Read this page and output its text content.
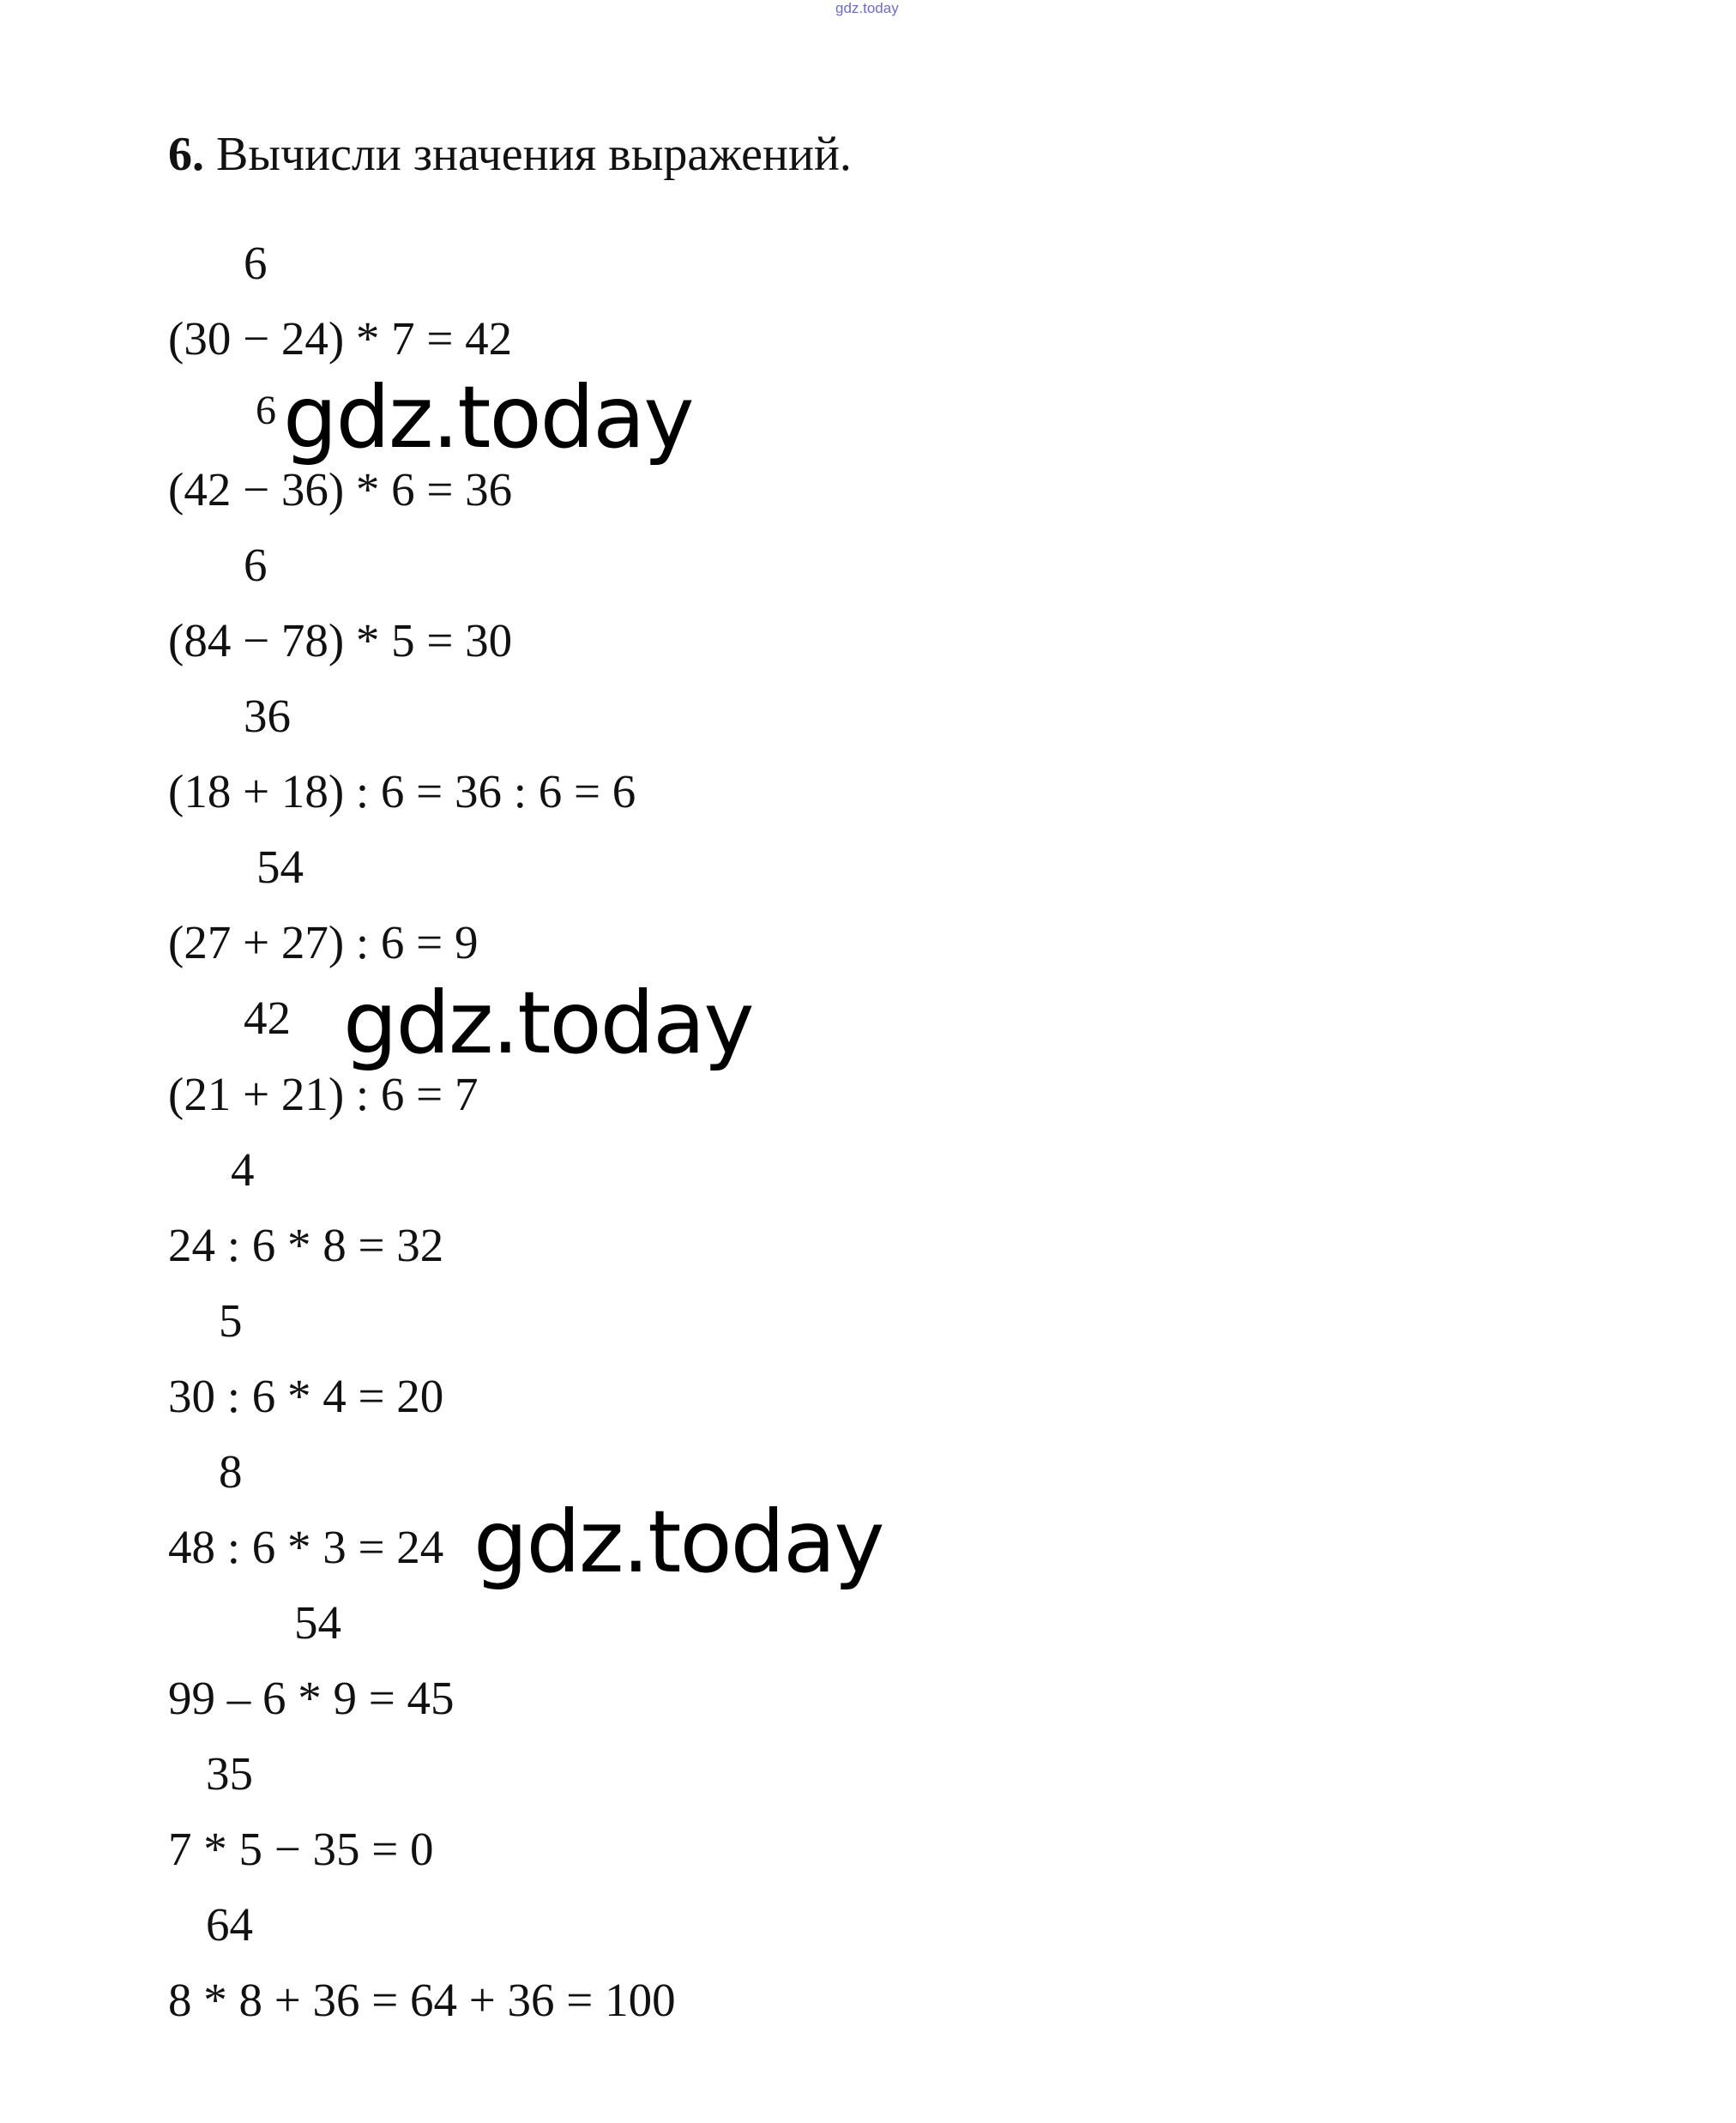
gdz.today
6. Вычисли значения выражений.
6
(30 − 24) * 7 = 42
6
(42 − 36) * 6 = 36
6
(84 − 78) * 5 = 30
36
(18 + 18) : 6 = 36 : 6 = 6
54
(27 + 27) : 6 = 9
42
(21 + 21) : 6 = 7
4
24 : 6 * 8 = 32
5
30 : 6 * 4 = 20
8
48 : 6 * 3 = 24
54
99 – 6 * 9 = 45
35
7 * 5 − 35 = 0
64
8 * 8 + 36 = 64 + 36 = 100
gdz.today
gdz.today
gdz.today
